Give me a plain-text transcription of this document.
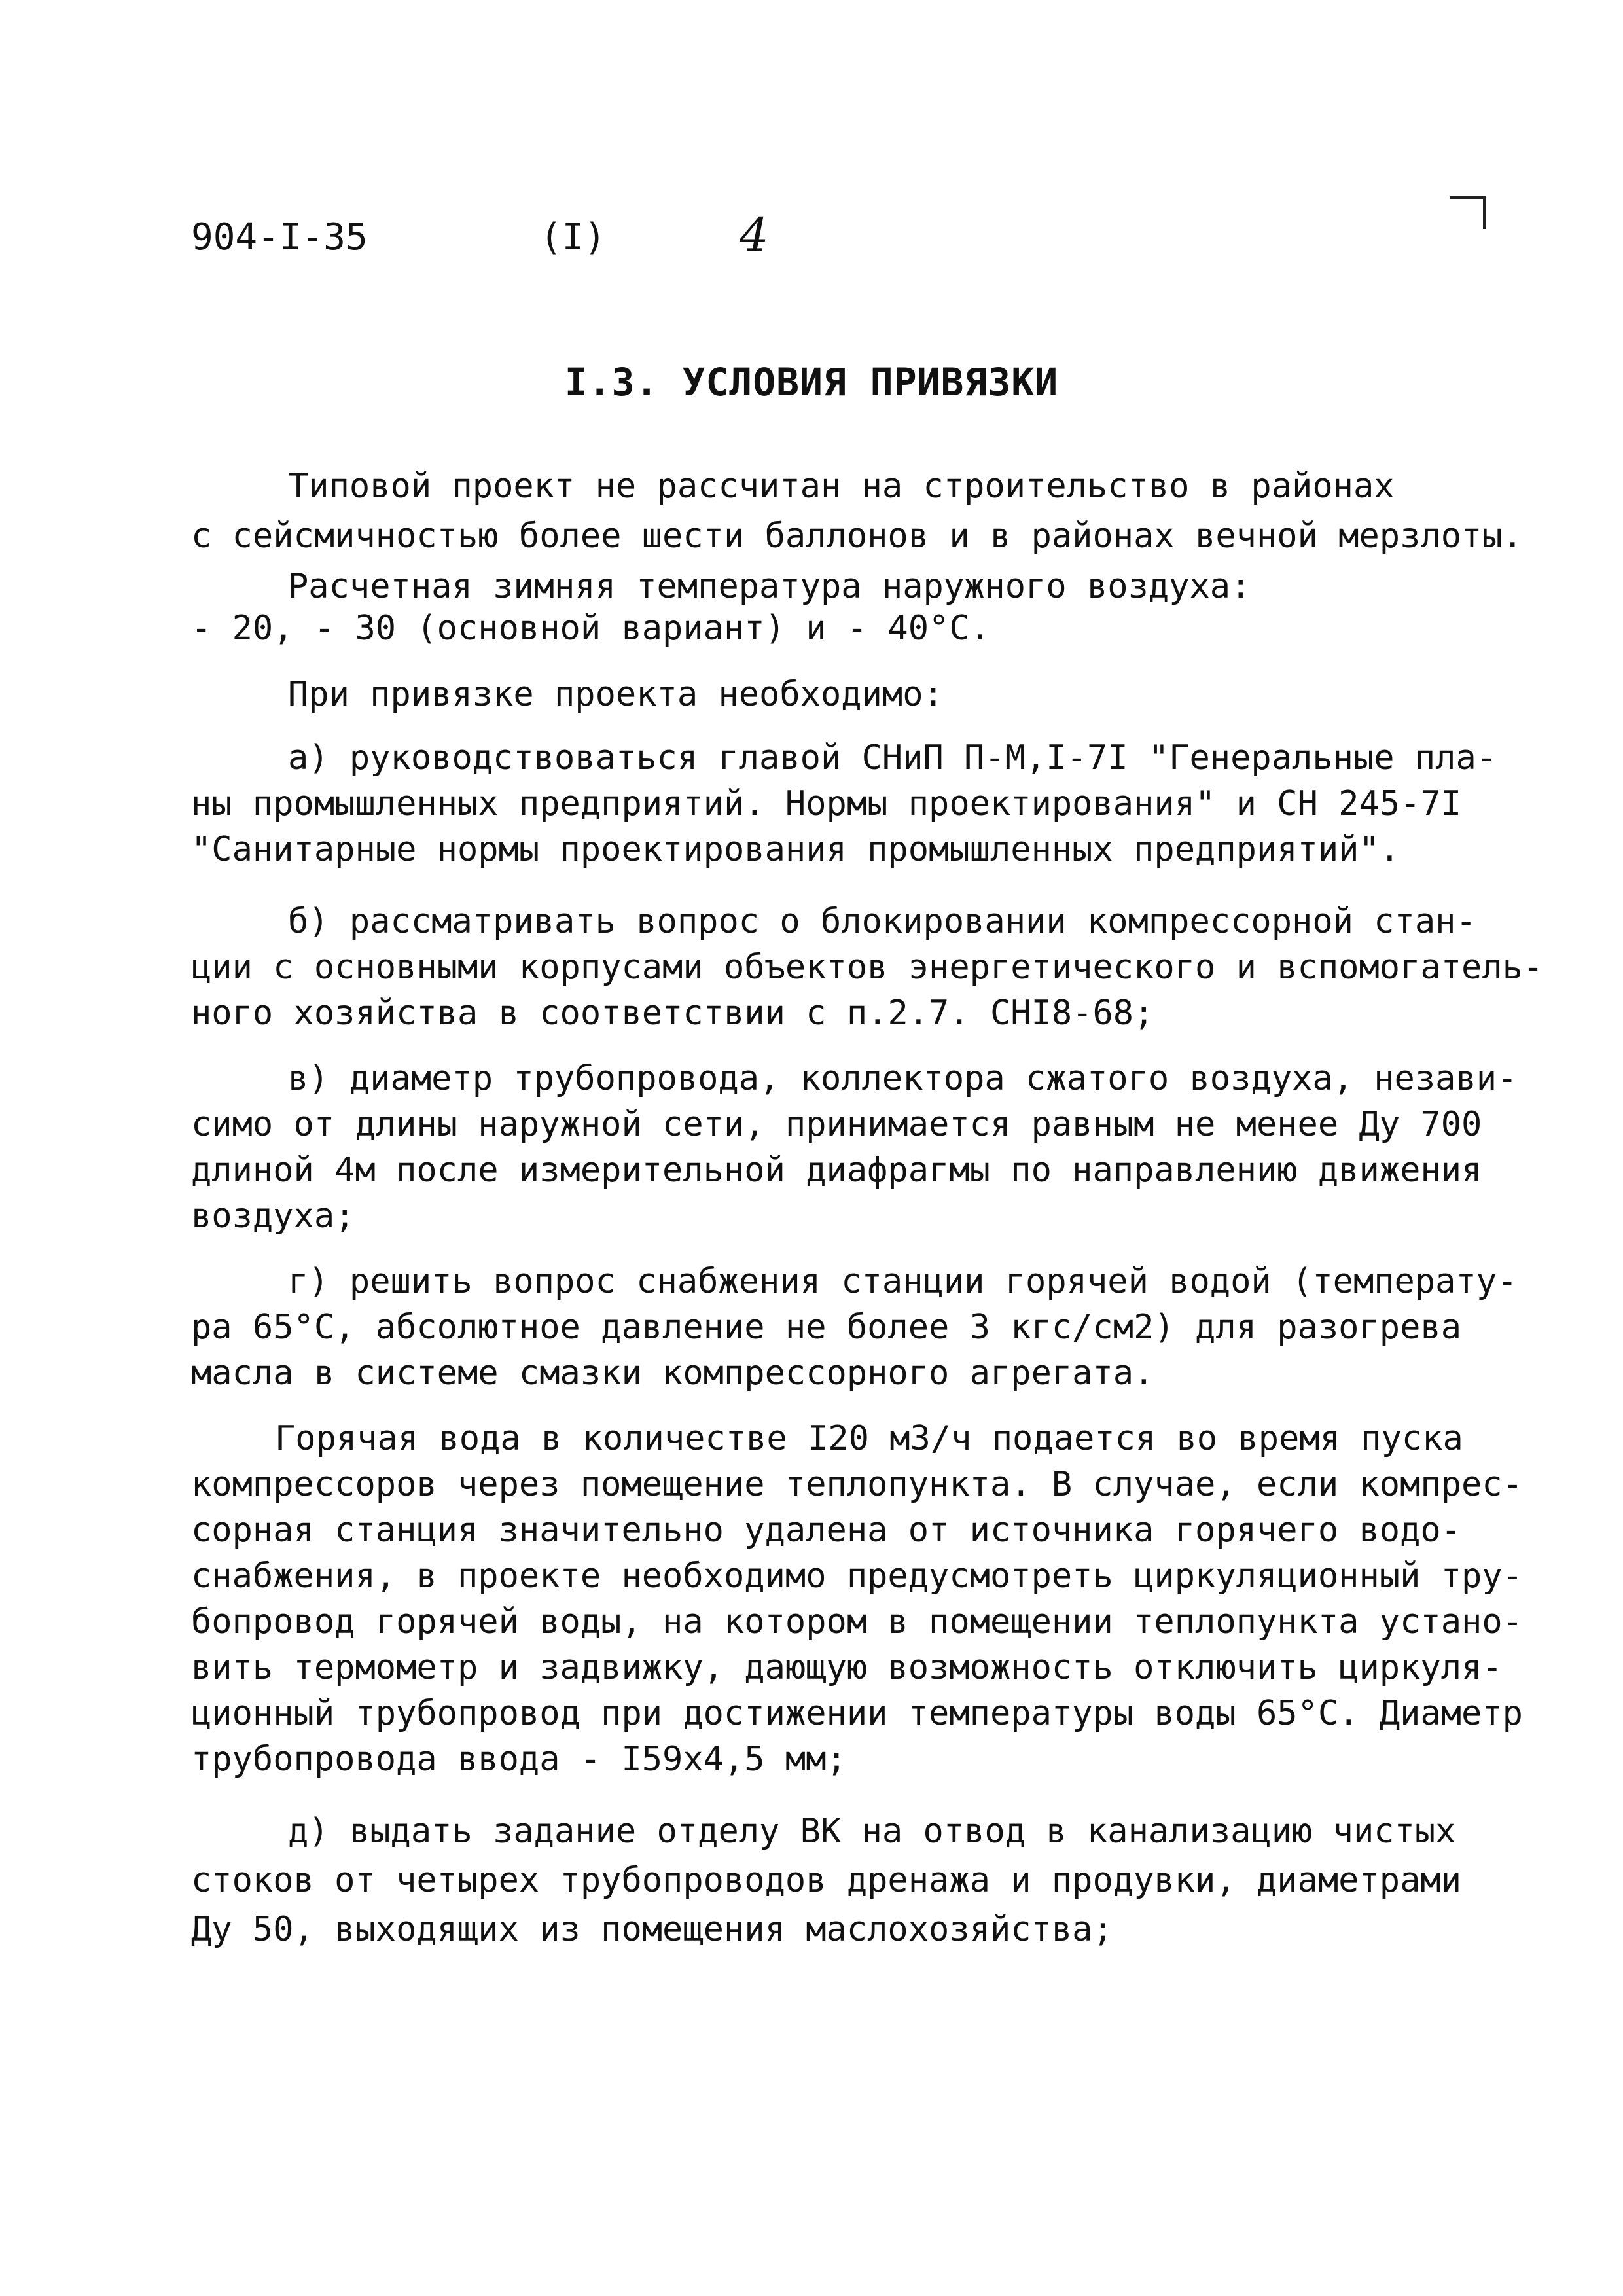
904-I-35	(I)	4
I.3. УСЛОВИЯ ПРИВЯЗКИ
Типовой проект не рассчитан на строительство в районах
с сейсмичностью более шести баллонов и в районах вечной мерзлоты.
Расчетная зимняя температура наружного воздуха:
- 20, - 30 (основной вариант) и - 40°С.
При привязке проекта необходимо:
а) руководствоваться главой СНиП П-М,I-7I "Генеральные пла-
ны промышленных предприятий. Нормы проектирования" и СН 245-7I
"Санитарные нормы проектирования промышленных предприятий".
б) рассматривать вопрос о блокировании компрессорной стан-
ции с основными корпусами объектов энергетического и вспомогатель-
ного хозяйства в соответствии с п.2.7. СНI8-68;
в) диаметр трубопровода, коллектора сжатого воздуха, незави-
симо от длины наружной сети, принимается равным не менее Ду 700
длиной 4м после измерительной диафрагмы по направлению движения
воздуха;
г) решить вопрос снабжения станции горячей водой (температу-
ра 65°С, абсолютное давление не более 3 кгс/см2) для разогрева
масла в системе смазки компрессорного агрегата.
Горячая вода в количестве I20 м3/ч подается во время пуска
компрессоров через помещение теплопункта. В случае, если компрес-
сорная станция значительно удалена от источника горячего водо-
снабжения, в проекте необходимо предусмотреть циркуляционный тру-
бопровод горячей воды, на котором в помещении теплопункта устано-
вить термометр и задвижку, дающую возможность отключить циркуля-
ционный трубопровод при достижении температуры воды 65°С. Диаметр
трубопровода ввода - I59х4,5 мм;
д) выдать задание отделу ВК на отвод в канализацию чистых
стоков от четырех трубопроводов дренажа и продувки, диаметрами
Ду 50, выходящих из помещения маслохозяйства;
